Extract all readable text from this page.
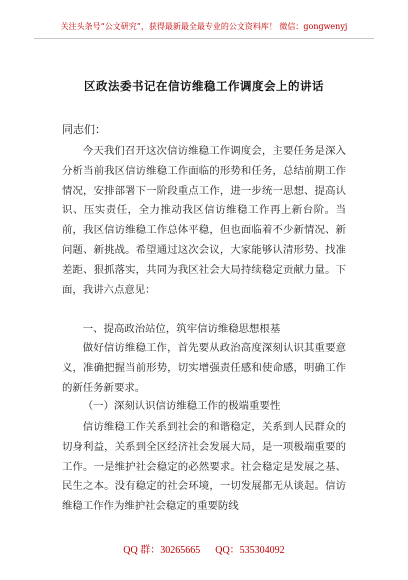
关注头条号“公文研究”，获得最新最全最专业的公文资料库！ 微信：gongwenyj
区政法委书记在信访维稳工作调度会上的讲话
同志们：

今天我们召开这次信访维稳工作调度会，主要任务是深入分析当前我区信访维稳工作面临的形势和任务，总结前期工作情况，安排部署下一阶段重点工作，进一步统一思想、提高认识、压实责任，全力推动我区信访维稳工作再上新台阶。当前，我区信访维稳工作总体平稳，但也面临着不少新情况、新问题、新挑战。希望通过这次会议，大家能够认清形势、找准差距、狠抓落实，共同为我区社会大局持续稳定贡献力量。下面，我讲六点意见：

一、提高政治站位，筑牢信访维稳思想根基

做好信访维稳工作，首先要从政治高度深刻认识其重要意义，准确把握当前形势，切实增强责任感和使命感，明确工作的新任务新要求。

（一）深刻认识信访维稳工作的极端重要性

信访维稳工作关系到社会的和谐稳定，关系到人民群众的切身利益，关系到全区经济社会发展大局，是一项极端重要的工作。一是维护社会稳定的必然要求。社会稳定是发展之基、民生之本。没有稳定的社会环境，一切发展都无从谈起。信访维稳工作作为维护社会稳定的重要防线

QQ 群：30265665      QQ：535304092
